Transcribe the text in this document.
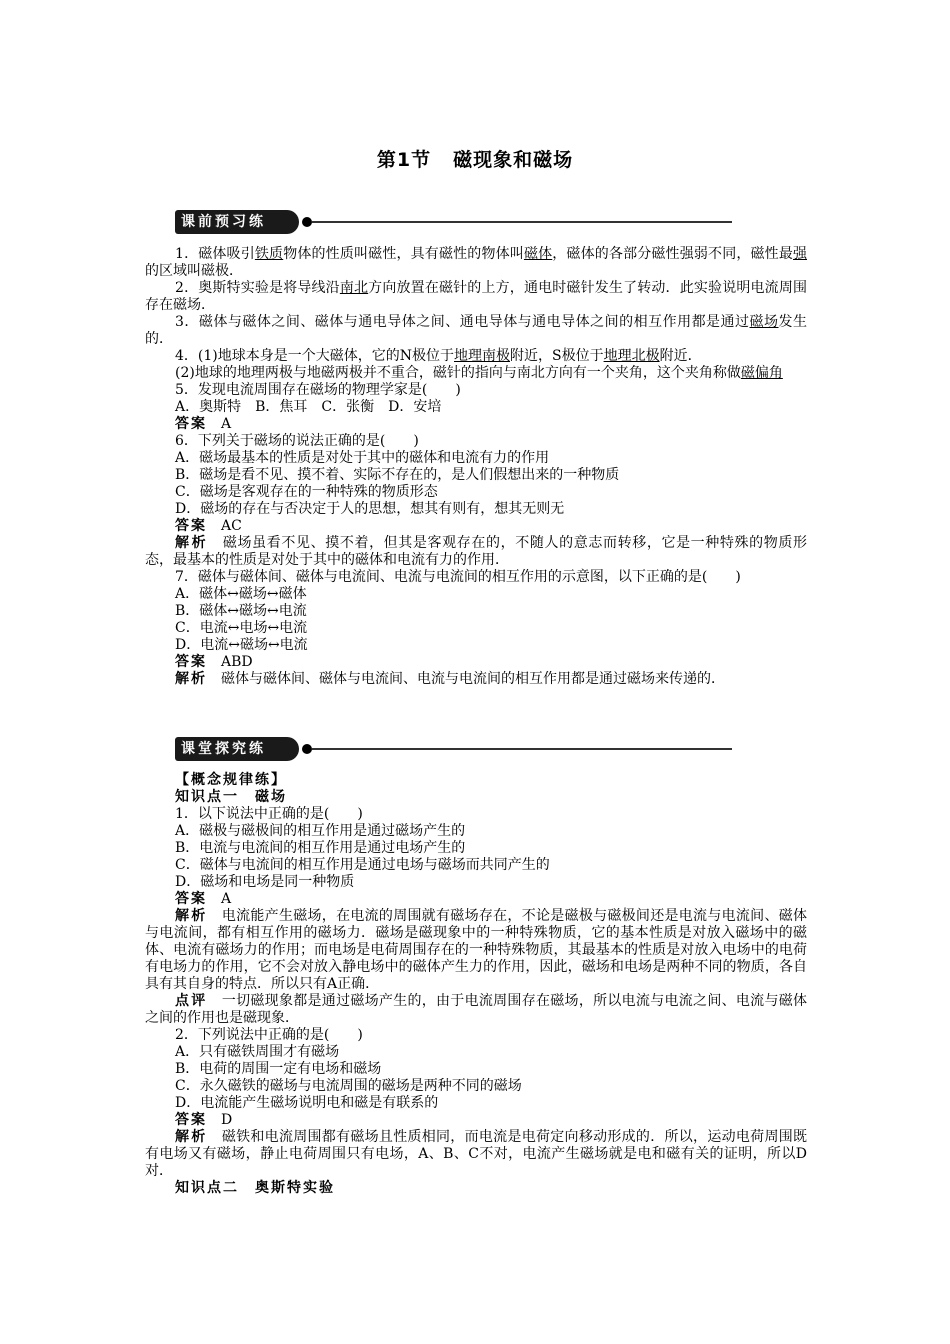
第1节 磁现象和磁场
课前预习练

1．磁体吸引铁质物体的性质叫磁性，具有磁性的物体叫磁体，磁体的各部分磁性强弱不同，磁性最强的区域叫磁极．

2．奥斯特实验是将导线沿南北方向放置在磁针的上方，通电时磁针发生了转动．此实验说明电流周围存在磁场．

3．磁体与磁体之间、磁体与通电导体之间、通电导体与通电导体之间的相互作用都是通过磁场发生的．

4．(1)地球本身是一个大磁体，它的N极位于地理南极附近，S极位于地理北极附近．

(2)地球的地理两极与地磁两极并不重合，磁针的指向与南北方向有一个夹角，这个夹角称做磁偏角

5．发现电流周围存在磁场的物理学家是(　　)

A．奥斯特　B．焦耳　C．张衡　D．安培

答案　 A

6．下列关于磁场的说法正确的是(　　)

A．磁场最基本的性质是对处于其中的磁体和电流有力的作用

B．磁场是看不见、摸不着、实际不存在的，是人们假想出来的一种物质

C．磁场是客观存在的一种特殊的物质形态

D．磁场的存在与否决定于人的思想，想其有则有，想其无则无

答案　 AC

解析　 磁场虽看不见、摸不着，但其是客观存在的，不随人的意志而转移，它是一种特殊的物质形态，最基本的性质是对处于其中的磁体和电流有力的作用．

7．磁体与磁体间、磁体与电流间、电流与电流间的相互作用的示意图，以下正确的是(　　)

A．磁体↔磁场↔磁体

B．磁体↔磁场↔电流

C．电流↔电场↔电流

D．电流↔磁场↔电流

答案　 ABD

解析　 磁体与磁体间、磁体与电流间、电流与电流间的相互作用都是通过磁场来传递的．

课堂探究练

【概念规律练】

知识点一　磁场

1．以下说法中正确的是(　　)

A．磁极与磁极间的相互作用是通过磁场产生的

B．电流与电流间的相互作用是通过电场产生的

C．磁体与电流间的相互作用是通过电场与磁场而共同产生的

D．磁场和电场是同一种物质

答案　 A

解析　 电流能产生磁场，在电流的周围就有磁场存在，不论是磁极与磁极间还是电流与电流间、磁体与电流间，都有相互作用的磁场力．磁场是磁现象中的一种特殊物质，它的基本性质是对放入磁场中的磁体、电流有磁场力的作用；而电场是电荷周围存在的一种特殊物质，其最基本的性质是对放入电场中的电荷有电场力的作用，它不会对放入静电场中的磁体产生力的作用，因此，磁场和电场是两种不同的物质，各自具有其自身的特点．所以只有A正确．

点评　 一切磁现象都是通过磁场产生的，由于电流周围存在磁场，所以电流与电流之间、电流与磁体之间的作用也是磁现象．

2．下列说法中正确的是(　　)

A．只有磁铁周围才有磁场

B．电荷的周围一定有电场和磁场

C．永久磁铁的磁场与电流周围的磁场是两种不同的磁场

D．电流能产生磁场说明电和磁是有联系的

答案　 D

解析　 磁铁和电流周围都有磁场且性质相同，而电流是电荷定向移动形成的．所以，运动电荷周围既有电场又有磁场，静止电荷周围只有电场，A、B、C不对，电流产生磁场就是电和磁有关的证明，所以D对．

知识点二　奥斯特实验
